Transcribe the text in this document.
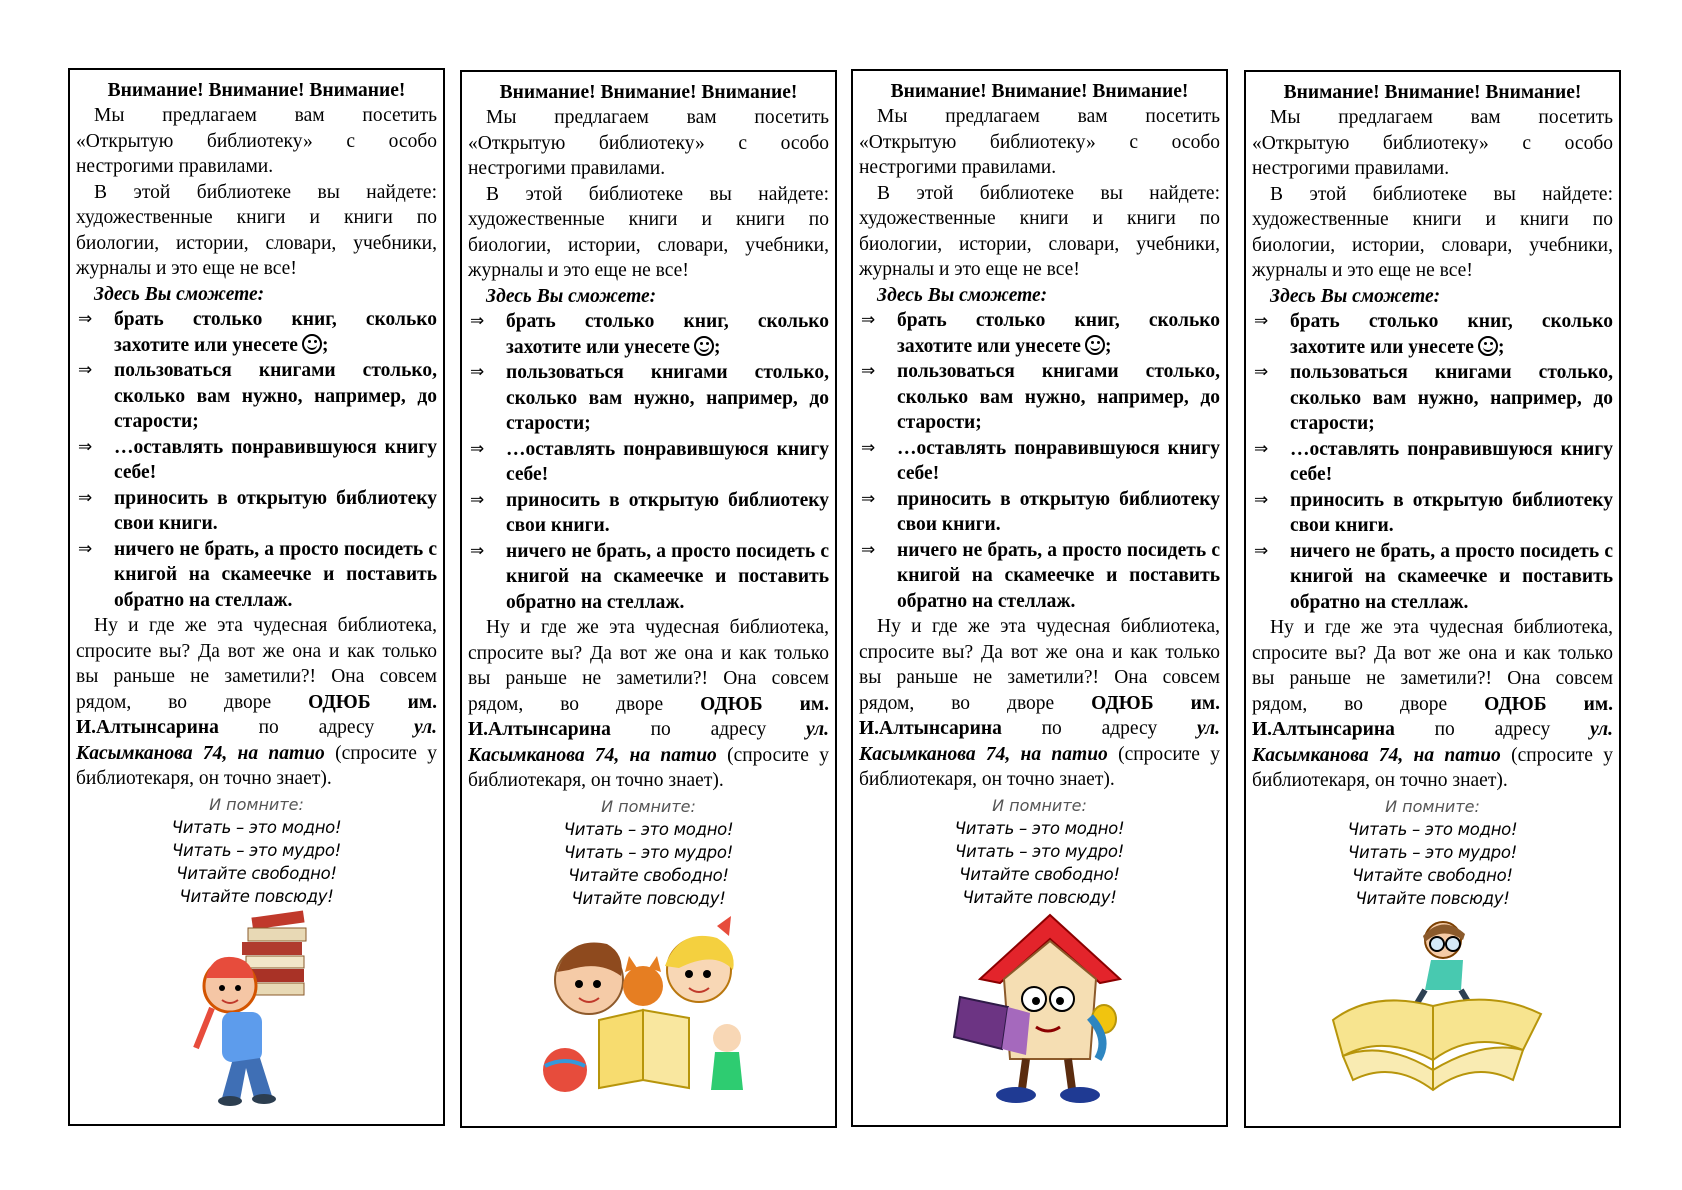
Внимание! Внимание! Внимание!

Мы предлагаем вам посетить «Открытую библиотеку» с особо нестрогими правилами.

В этой библиотеке вы найдете: художественные книги и книги по биологии, истории, словари, учебники, журналы и это еще не все!

Здесь Вы сможете:

⇒ брать столько книг, сколько захотите или унесете ;
⇒ пользоваться книгами столько, сколько вам нужно, например, до старости;
⇒ …оставлять понравившуюся книгу себе!
⇒ приносить в открытую библиотеку свои книги.
⇒ ничего не брать, а просто посидеть с книгой на скамеечке и поставить обратно на стеллаж.

Ну и где же эта чудесная библиотека, спросите вы? Да вот же она и как только вы раньше не заметили?! Она совсем рядом, во дворе ОДЮБ им. И.Алтынсарина по адресу ул. Касымканова 74, на патио (спросите у библиотекаря, он точно знает).

И помните:

Читать – это модно!

Читать – это мудро!

Читайте свободно!

Читайте повсюду!

Внимание! Внимание! Внимание!

Мы предлагаем вам посетить «Открытую библиотеку» с особо нестрогими правилами.

В этой библиотеке вы найдете: художественные книги и книги по биологии, истории, словари, учебники, журналы и это еще не все!

Здесь Вы сможете:

⇒ брать столько книг, сколько захотите или унесете ;
⇒ пользоваться книгами столько, сколько вам нужно, например, до старости;
⇒ …оставлять понравившуюся книгу себе!
⇒ приносить в открытую библиотеку свои книги.
⇒ ничего не брать, а просто посидеть с книгой на скамеечке и поставить обратно на стеллаж.

Ну и где же эта чудесная библиотека, спросите вы? Да вот же она и как только вы раньше не заметили?! Она совсем рядом, во дворе ОДЮБ им. И.Алтынсарина по адресу ул. Касымканова 74, на патио (спросите у библиотекаря, он точно знает).

И помните:

Читать – это модно!

Читать – это мудро!

Читайте свободно!

Читайте повсюду!

Внимание! Внимание! Внимание!

Мы предлагаем вам посетить «Открытую библиотеку» с особо нестрогими правилами.

В этой библиотеке вы найдете: художественные книги и книги по биологии, истории, словари, учебники, журналы и это еще не все!

Здесь Вы сможете:

⇒ брать столько книг, сколько захотите или унесете ;
⇒ пользоваться книгами столько, сколько вам нужно, например, до старости;
⇒ …оставлять понравившуюся книгу себе!
⇒ приносить в открытую библиотеку свои книги.
⇒ ничего не брать, а просто посидеть с книгой на скамеечке и поставить обратно на стеллаж.

Ну и где же эта чудесная библиотека, спросите вы? Да вот же она и как только вы раньше не заметили?! Она совсем рядом, во дворе ОДЮБ им. И.Алтынсарина по адресу ул. Касымканова 74, на патио (спросите у библиотекаря, он точно знает).

И помните:

Читать – это модно!

Читать – это мудро!

Читайте свободно!

Читайте повсюду!

Внимание! Внимание! Внимание!

Мы предлагаем вам посетить «Открытую библиотеку» с особо нестрогими правилами.

В этой библиотеке вы найдете: художественные книги и книги по биологии, истории, словари, учебники, журналы и это еще не все!

Здесь Вы сможете:

⇒ брать столько книг, сколько захотите или унесете ;
⇒ пользоваться книгами столько, сколько вам нужно, например, до старости;
⇒ …оставлять понравившуюся книгу себе!
⇒ приносить в открытую библиотеку свои книги.
⇒ ничего не брать, а просто посидеть с книгой на скамеечке и поставить обратно на стеллаж.

Ну и где же эта чудесная библиотека, спросите вы? Да вот же она и как только вы раньше не заметили?! Она совсем рядом, во дворе ОДЮБ им. И.Алтынсарина по адресу ул. Касымканова 74, на патио (спросите у библиотекаря, он точно знает).

И помните:

Читать – это модно!

Читать – это мудро!

Читайте свободно!

Читайте повсюду!
